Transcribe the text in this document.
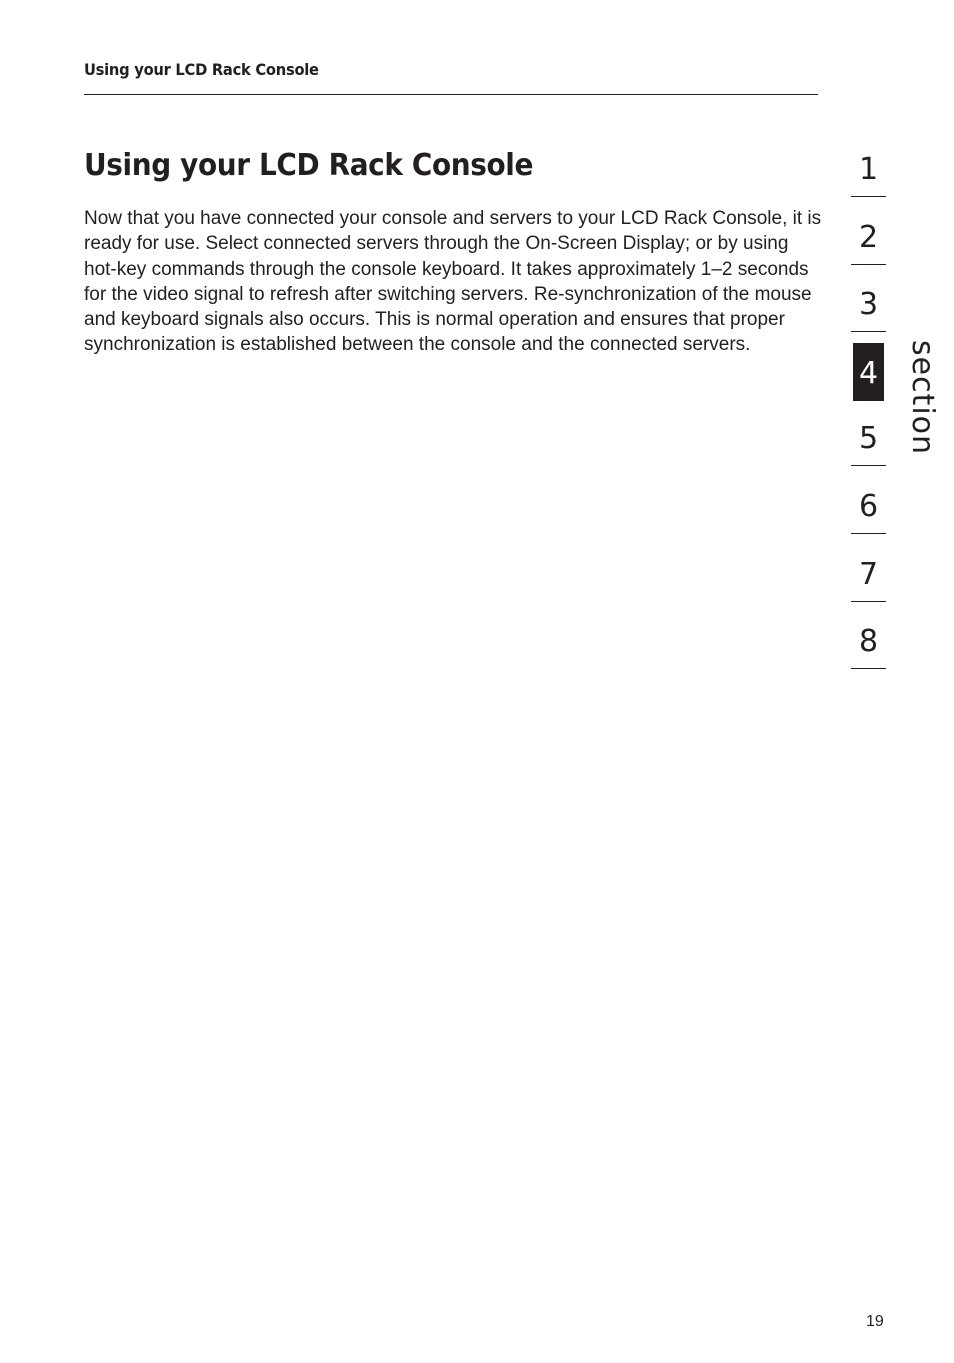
Using your LCD Rack Console
Using your LCD Rack Console

Now that you have connected your console and servers to your LCD Rack Console, it is ready for use. Select connected servers through the On-Screen Display; or by using hot-key commands through the console keyboard. It takes approximately 1–2 seconds for the video signal to refresh after switching servers. Re-synchronization of the mouse and keyboard signals also occurs. This is normal operation and ensures that proper synchronization is established between the console and the connected servers.

1
2
3
4
5
6
7
8
section
19
